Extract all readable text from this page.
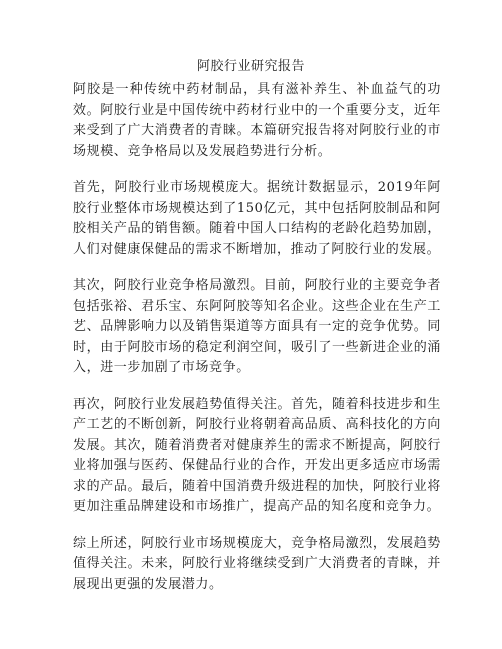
阿胶行业研究报告

阿胶是一种传统中药材制品，具有滋补养生、补血益气的功效。阿胶行业是中国传统中药材行业中的一个重要分支，近年来受到了广大消费者的青睐。本篇研究报告将对阿胶行业的市场规模、竞争格局以及发展趋势进行分析。

首先，阿胶行业市场规模庞大。据统计数据显示，2019年阿胶行业整体市场规模达到了150亿元，其中包括阿胶制品和阿胶相关产品的销售额。随着中国人口结构的老龄化趋势加剧，人们对健康保健品的需求不断增加，推动了阿胶行业的发展。

其次，阿胶行业竞争格局激烈。目前，阿胶行业的主要竞争者包括张裕、君乐宝、东阿阿胶等知名企业。这些企业在生产工艺、品牌影响力以及销售渠道等方面具有一定的竞争优势。同时，由于阿胶市场的稳定利润空间，吸引了一些新进企业的涌入，进一步加剧了市场竞争。

再次，阿胶行业发展趋势值得关注。首先，随着科技进步和生产工艺的不断创新，阿胶行业将朝着高品质、高科技化的方向发展。其次，随着消费者对健康养生的需求不断提高，阿胶行业将加强与医药、保健品行业的合作，开发出更多适应市场需求的产品。最后，随着中国消费升级进程的加快，阿胶行业将更加注重品牌建设和市场推广，提高产品的知名度和竞争力。

综上所述，阿胶行业市场规模庞大，竞争格局激烈，发展趋势值得关注。未来，阿胶行业将继续受到广大消费者的青睐，并展现出更强的发展潜力。
